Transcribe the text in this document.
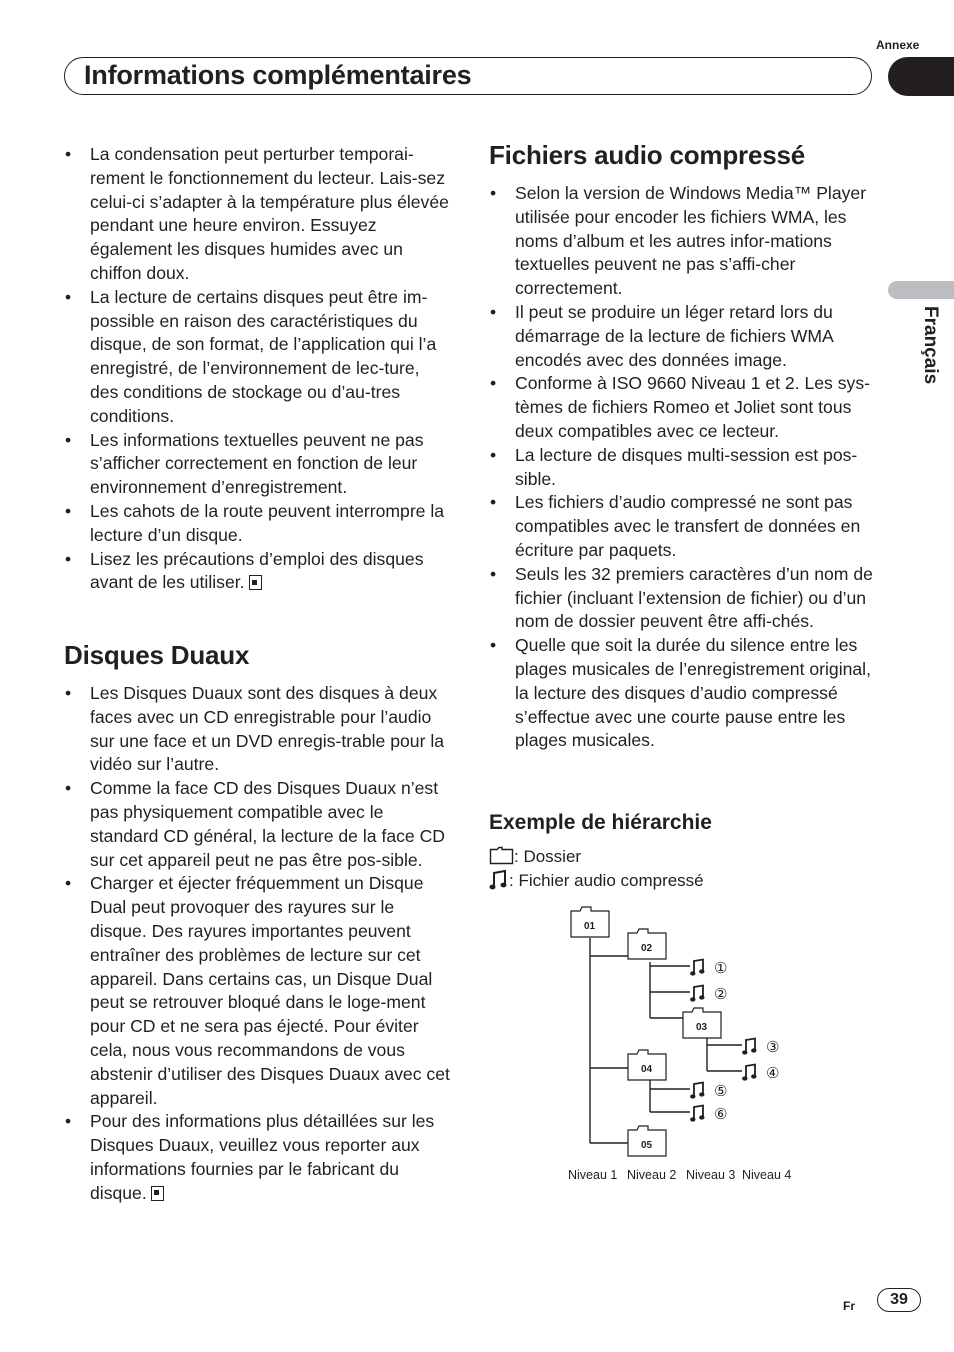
Annexe
Informations complémentaires
Français
• La condensation peut perturber temporai-rement le fonctionnement du lecteur. Lais-sez celui-ci s’adapter à la température plus élevée pendant une heure environ. Essuyez également les disques humides avec un chiffon doux.
• La lecture de certains disques peut être im-possible en raison des caractéristiques du disque, de son format, de l’application qui l’a enregistré, de l’environnement de lec-ture, des conditions de stockage ou d’au-tres conditions.
• Les informations textuelles peuvent ne pas s’afficher correctement en fonction de leur environnement d’enregistrement.
• Les cahots de la route peuvent interrompre la lecture d’un disque.
• Lisez les précautions d’emploi des disques avant de les utiliser.
Disques Duaux
• Les Disques Duaux sont des disques à deux faces avec un CD enregistrable pour l’audio sur une face et un DVD enregis-trable pour la vidéo sur l’autre.
• Comme la face CD des Disques Duaux n’est pas physiquement compatible avec le standard CD général, la lecture de la face CD sur cet appareil peut ne pas être pos-sible.
• Charger et éjecter fréquemment un Disque Dual peut provoquer des rayures sur le disque. Des rayures importantes peuvent entraîner des problèmes de lecture sur cet appareil. Dans certains cas, un Disque Dual peut se retrouver bloqué dans le loge-ment pour CD et ne sera pas éjecté. Pour éviter cela, nous vous recommandons de vous abstenir d’utiliser des Disques Duaux avec cet appareil.
• Pour des informations plus détaillées sur les Disques Duaux, veuillez vous reporter aux informations fournies par le fabricant du disque.
Fichiers audio compressé
• Selon la version de Windows Media™ Player utilisée pour encoder les fichiers WMA, les noms d’album et les autres infor-mations textuelles peuvent ne pas s’affi-cher correctement.
• Il peut se produire un léger retard lors du démarrage de la lecture de fichiers WMA encodés avec des données image.
• Conforme à ISO 9660 Niveau 1 et 2. Les sys-tèmes de fichiers Romeo et Joliet sont tous deux compatibles avec ce lecteur.
• La lecture de disques multi-session est pos-sible.
• Les fichiers d’audio compressé ne sont pas compatibles avec le transfert de données en écriture par paquets.
• Seuls les 32 premiers caractères d’un nom de fichier (incluant l’extension de fichier) ou d’un nom de dossier peuvent être affi-chés.
• Quelle que soit la durée du silence entre les plages musicales de l’enregistrement original, la lecture des disques d’audio compressé s’effectue avec une courte pause entre les plages musicales.
Exemple de hiérarchie
: Dossier
: Fichier audio compressé
01
02
03
04
05
①
②
③
④
⑤
⑥
Niveau 1 Niveau 2 Niveau 3 Niveau 4
Fr	39
